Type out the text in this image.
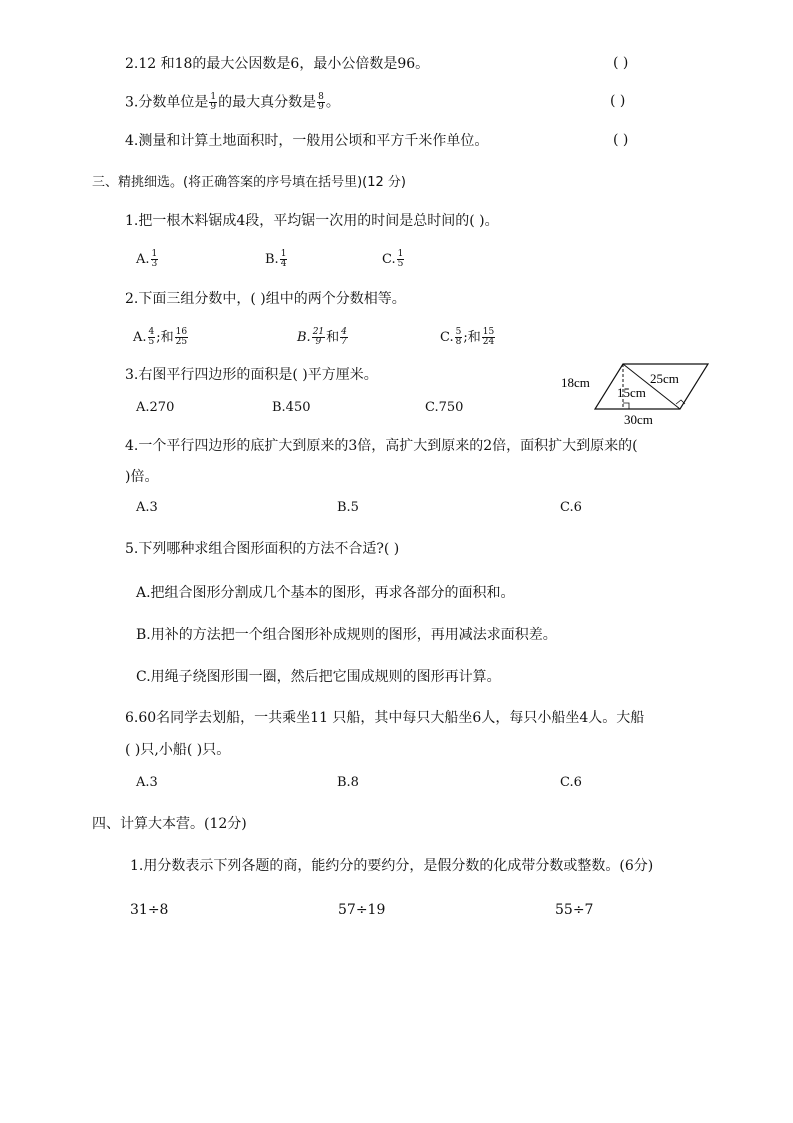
2.12 和18的最大公因数是6，最小公倍数是96。	( )
3.分数单位是 $\frac{1}{9}$ 的最大真分数是 $\frac{8}{9}$ 。	( )
4.测量和计算土地面积时，一般用公顷和平方千米作单位。	( )
三、精挑细选。(将正确答案的序号填在括号里)(12 分)
1.把一根木料锯成4段，平均锯一次用的时间是总时间的( )。
A. $\frac{1}{3}$	B. $\frac{1}{4}$	C. $\frac{1}{5}$
2.下面三组分数中，( )组中的两个分数相等。
A. $\frac{4}{5}$ ;和 $\frac{16}{25}$	B. $\frac{21}{9}$ 和 $\frac{4}{7}$	C. $\frac{5}{8}$ ;和 $\frac{15}{24}$
3.右图平行四边形的面积是( )平方厘米。
A.270	B.450	C.750
18cm	25cm
15cm
30cm
4.一个平行四边形的底扩大到原来的3倍，高扩大到原来的2倍，面积扩大到原来的(
)倍。
A.3	B.5	C.6
5.下列哪种求组合图形面积的方法不合适?( )
A.把组合图形分割成几个基本的图形，再求各部分的面积和。
B.用补的方法把一个组合图形补成规则的图形，再用减法求面积差。
C.用绳子绕图形围一圈，然后把它围成规则的图形再计算。
6.60名同学去划船，一共乘坐11 只船，其中每只大船坐6人，每只小船坐4人。大船
( )只,小船( )只。
A.3	B.8	C.6
四、计算大本营。(12分)
1.用分数表示下列各题的商，能约分的要约分，是假分数的化成带分数或整数。(6分)
31÷8	57÷19	55÷7
